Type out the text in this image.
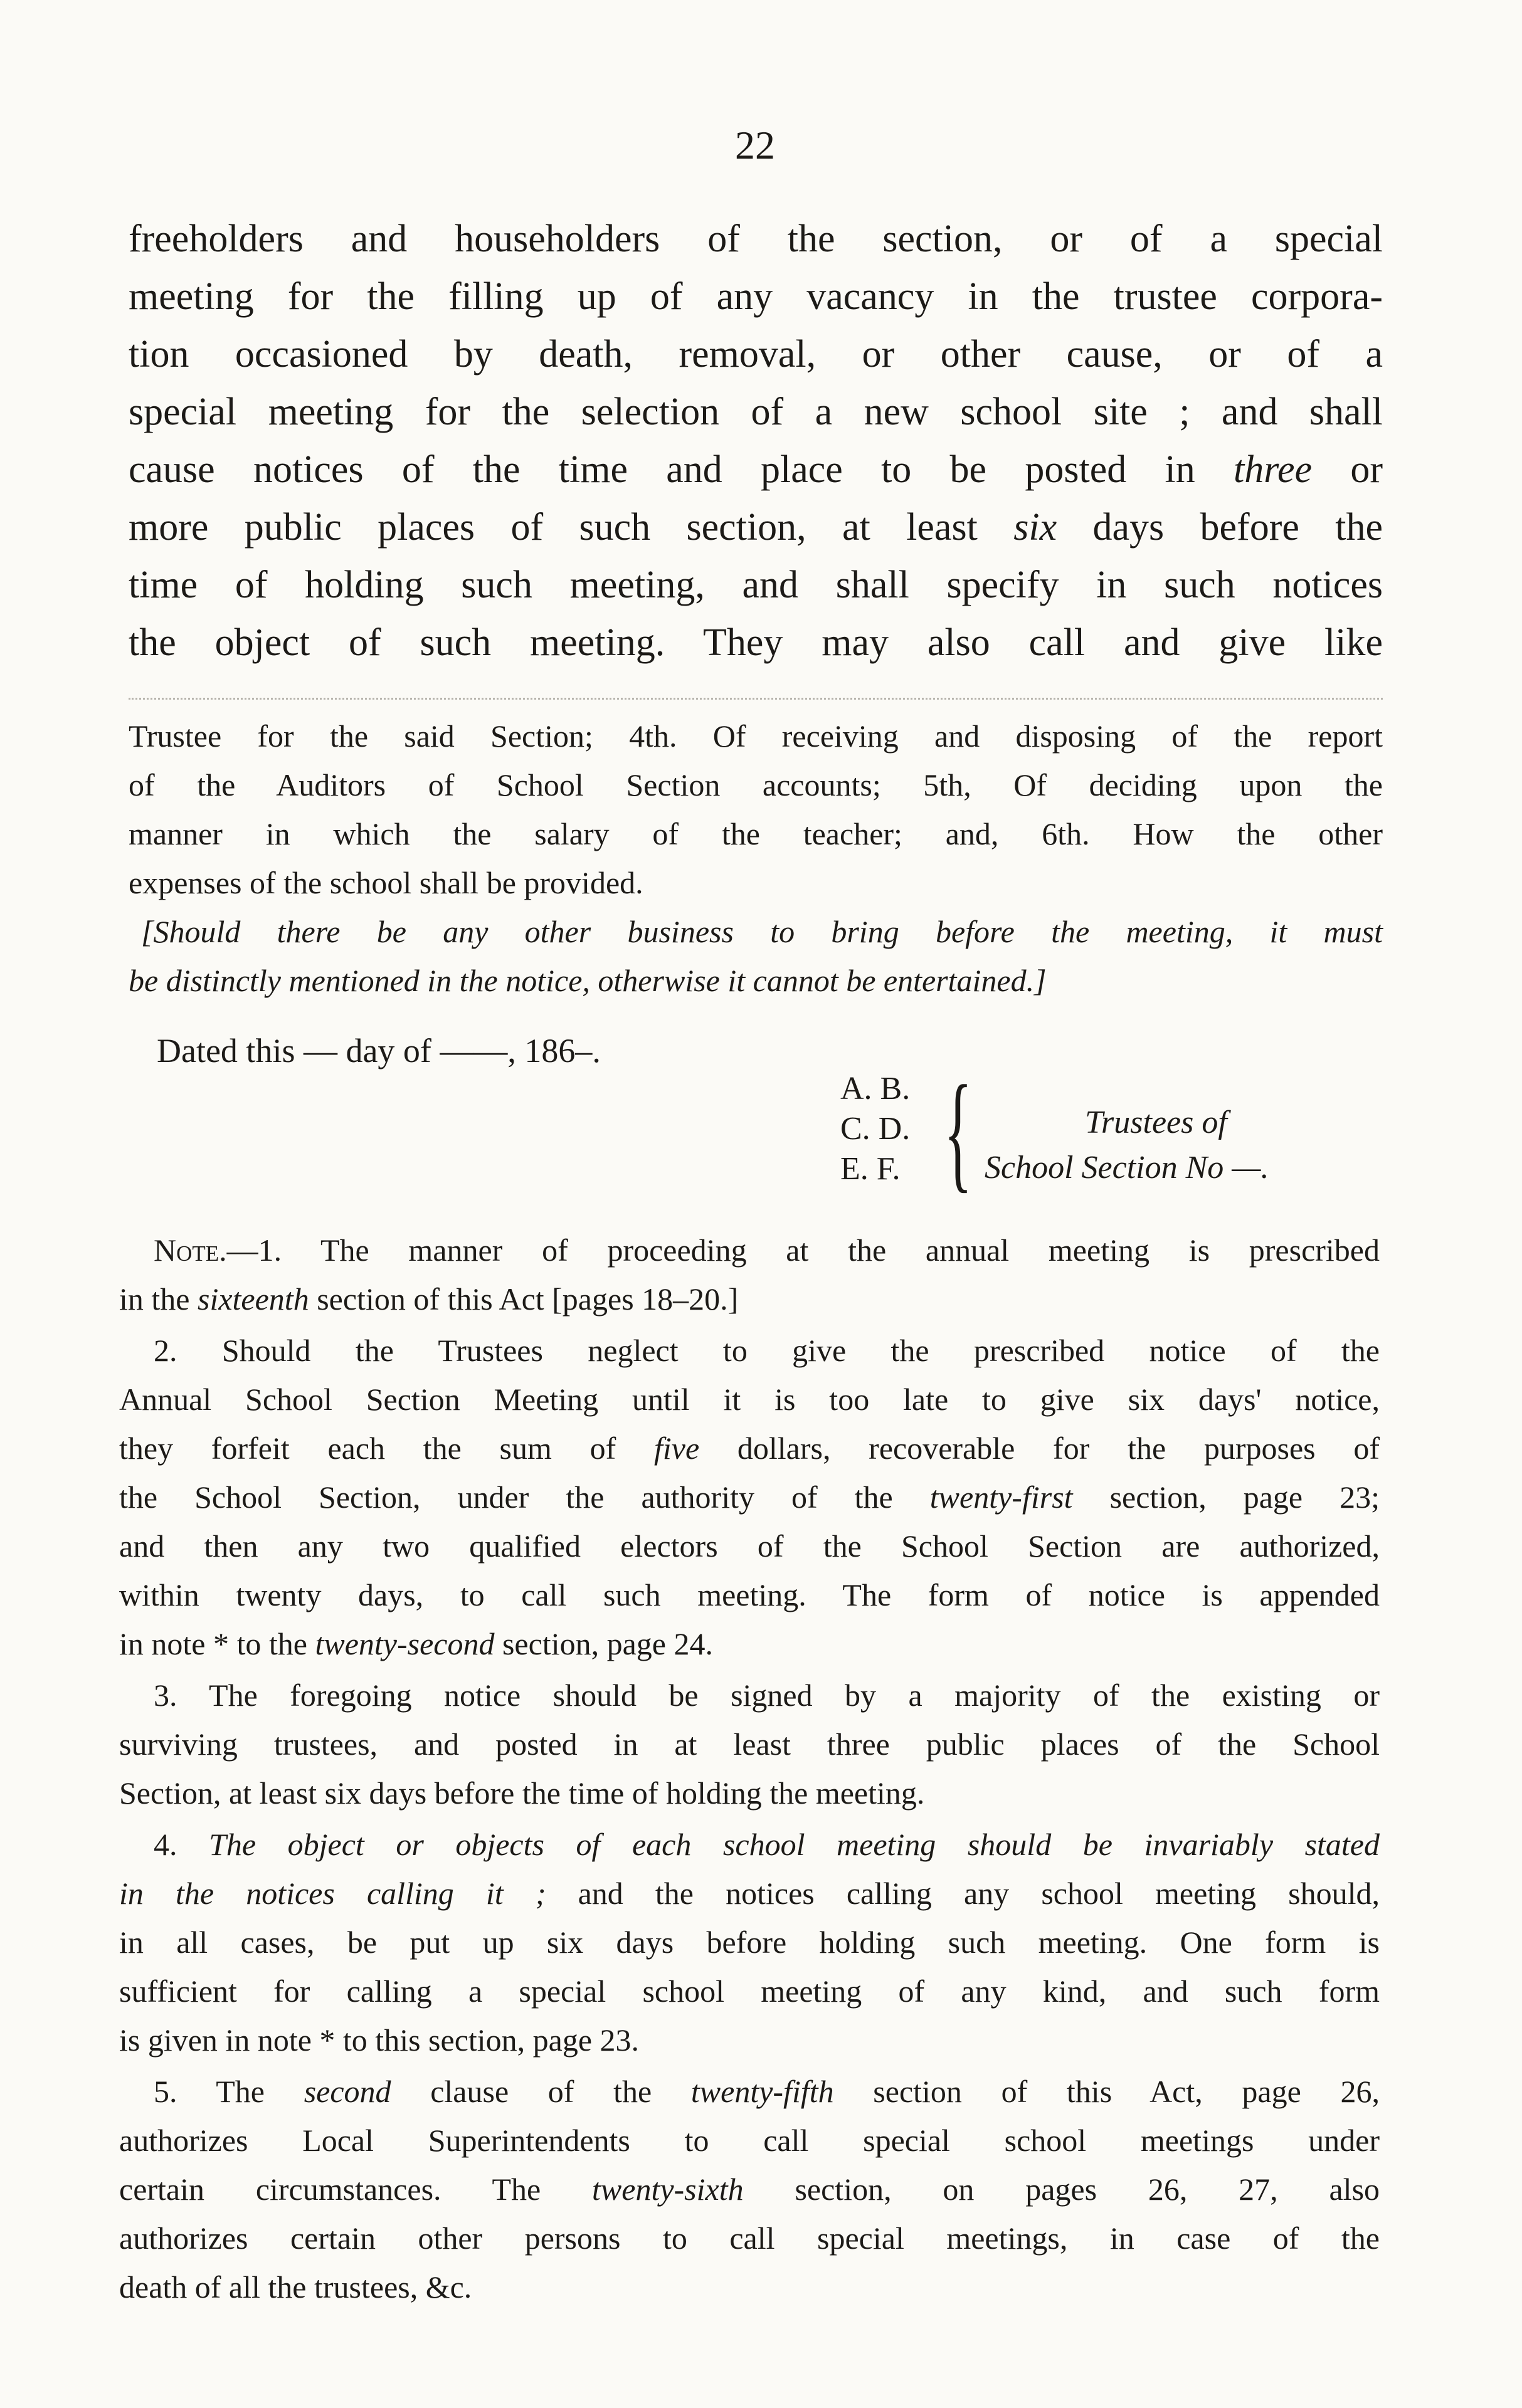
22
freeholders and householders of the section, or of a special
meeting for the filling up of any vacancy in the trustee corpora-
tion occasioned by death, removal, or other cause, or of a
special meeting for the selection of a new school site ; and shall
cause notices of the time and place to be posted in three or
more public places of such section, at least six days before the
time of holding such meeting, and shall specify in such notices
the object of such meeting. They may also call and give like
Trustee for the said Section; 4th. Of receiving and disposing of the report
of the Auditors of School Section accounts; 5th, Of deciding upon the
manner in which the salary of the teacher; and, 6th. How the other
expenses of the school shall be provided.
[Should there be any other business to bring before the meeting, it must
be distinctly mentioned in the notice, otherwise it cannot be entertained.]
Dated this — day of ——, 186–.
A. B.
C. D.
E. F. {	Trustees of
School Section No —.
Note.—1. The manner of proceeding at the annual meeting is prescribed
in the sixteenth section of this Act [pages 18–20.]
2. Should the Trustees neglect to give the prescribed notice of the
Annual School Section Meeting until it is too late to give six days' notice,
they forfeit each the sum of five dollars, recoverable for the purposes of
the School Section, under the authority of the twenty-first section, page 23;
and then any two qualified electors of the School Section are authorized,
within twenty days, to call such meeting. The form of notice is appended
in note * to the twenty-second section, page 24.
3. The foregoing notice should be signed by a majority of the existing or
surviving trustees, and posted in at least three public places of the School
Section, at least six days before the time of holding the meeting.
4. The object or objects of each school meeting should be invariably stated
in the notices calling it ; and the notices calling any school meeting should,
in all cases, be put up six days before holding such meeting. One form is
sufficient for calling a special school meeting of any kind, and such form
is given in note * to this section, page 23.
5. The second clause of the twenty-fifth section of this Act, page 26,
authorizes Local Superintendents to call special school meetings under
certain circumstances. The twenty-sixth section, on pages 26, 27, also
authorizes certain other persons to call special meetings, in case of the
death of all the trustees, &c.
